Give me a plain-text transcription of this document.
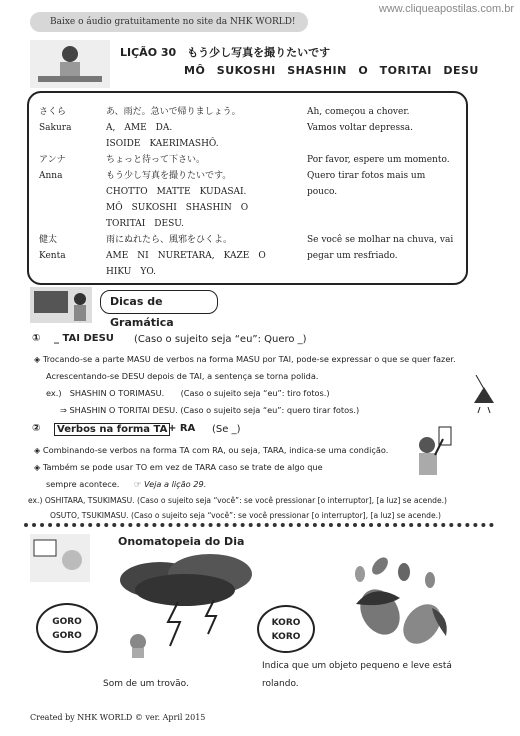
www.cliqueapostilas.com.br
Baixe o áudio gratuitamente no site da NHK WORLD!
LIÇÃO 30　もう少し写真を撮りたいです
MÔ　SUKOSHI　SHASHIN　O　TORITAI　DESU
さくら
Sakura
あ、雨だ。急いで帰りましょう。
A,　AME　DA.
ISOIDE　KAERIMASHÔ.
Ah, começou a chover.
Vamos voltar depressa.
アンナ
Anna
ちょっと待って下さい。
もう少し写真を撮りたいです。
CHOTTO　MATTE　KUDASAI.
MÔ　SUKOSHI　SHASHIN　O
TORITAI　DESU.
Por favor, espere um momento.
Quero tirar fotos mais um
pouco.
健太
Kenta
雨にぬれたら、風邪をひくよ。
AME　NI　NURETARA,　KAZE　O
HIKU　YO.
Se você se molhar na chuva, vai
pegar um resfriado.
Dicas de Gramática
① _ TAI DESU (Caso o sujeito seja “eu”: Quero _)
◈ Trocando-se a parte MASU de verbos na forma MASU por TAI, pode-se expressar o que se quer fazer.
Acrescentando-se DESU depois de TAI, a sentença se torna polida.
ex.)　SHASHIN O TORIMASU.　　(Caso o sujeito seja “eu”: tiro fotos.)
⇒ SHASHIN O TORITAI DESU. (Caso o sujeito seja “eu”: quero tirar fotos.)
②	Verbos na forma TA + RA (Se _)
◈ Combinando-se verbos na forma TA com RA, ou seja, TARA, indica-se uma condição.
◈ Também se pode usar TO em vez de TARA caso se trate de algo que
sempre acontece. ☞ Veja a lição 29.
ex.) OSHITARA, TSUKIMASU. (Caso o sujeito seja “você”: se você pressionar [o interruptor], [a luz] se acende.)
OSUTO, TSUKIMASU. (Caso o sujeito seja “você”: se você pressionar [o interruptor], [a luz] se acende.)
Onomatopeia do Dia
GORO
GORO
Som de um trovão.
KORO
KORO
Indica que um objeto pequeno e leve está
rolando.
Created by NHK WORLD © ver. April 2015
